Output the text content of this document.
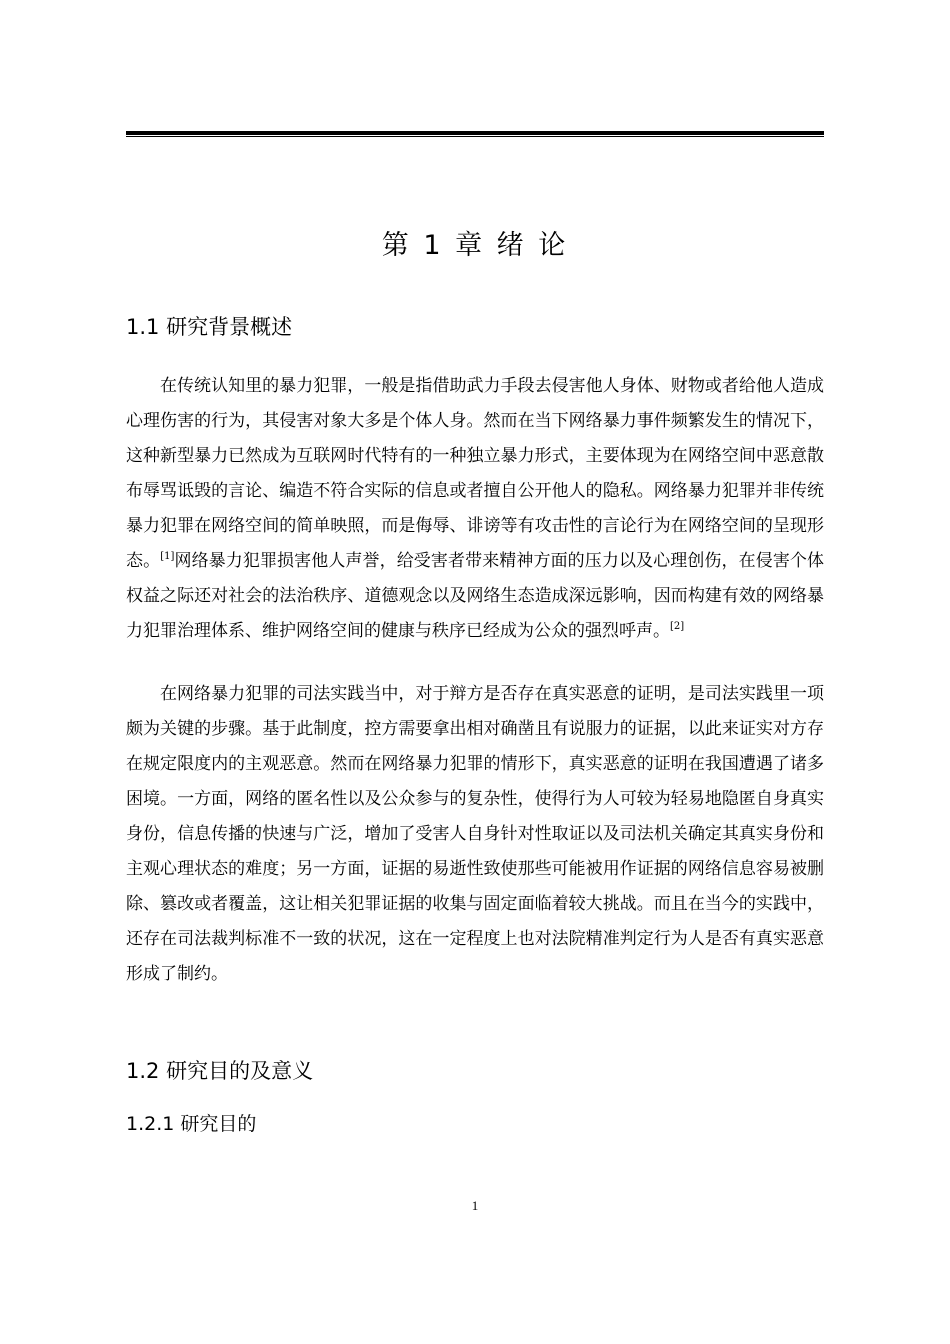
第 1 章 绪 论
1.1 研究背景概述

在传统认知里的暴力犯罪，一般是指借助武力手段去侵害他人身体、财物或者给他人造成心理伤害的行为，其侵害对象大多是个体人身。然而在当下网络暴力事件频繁发生的情况下，这种新型暴力已然成为互联网时代特有的一种独立暴力形式，主要体现为在网络空间中恶意散布辱骂诋毁的言论、编造不符合实际的信息或者擅自公开他人的隐私。网络暴力犯罪并非传统暴力犯罪在网络空间的简单映照，而是侮辱、诽谤等有攻击性的言论行为在网络空间的呈现形态。[1]网络暴力犯罪损害他人声誉，给受害者带来精神方面的压力以及心理创伤，在侵害个体权益之际还对社会的法治秩序、道德观念以及网络生态造成深远影响，因而构建有效的网络暴力犯罪治理体系、维护网络空间的健康与秩序已经成为公众的强烈呼声。[2]

在网络暴力犯罪的司法实践当中，对于辩方是否存在真实恶意的证明，是司法实践里一项颇为关键的步骤。基于此制度，控方需要拿出相对确凿且有说服力的证据，以此来证实对方存在规定限度内的主观恶意。然而在网络暴力犯罪的情形下，真实恶意的证明在我国遭遇了诸多困境。一方面，网络的匿名性以及公众参与的复杂性，使得行为人可较为轻易地隐匿自身真实身份，信息传播的快速与广泛，增加了受害人自身针对性取证以及司法机关确定其真实身份和主观心理状态的难度；另一方面，证据的易逝性致使那些可能被用作证据的网络信息容易被删除、篡改或者覆盖，这让相关犯罪证据的收集与固定面临着较大挑战。而且在当今的实践中，还存在司法裁判标准不一致的状况，这在一定程度上也对法院精准判定行为人是否有真实恶意形成了制约。

1.2 研究目的及意义
1.2.1 研究目的
1
